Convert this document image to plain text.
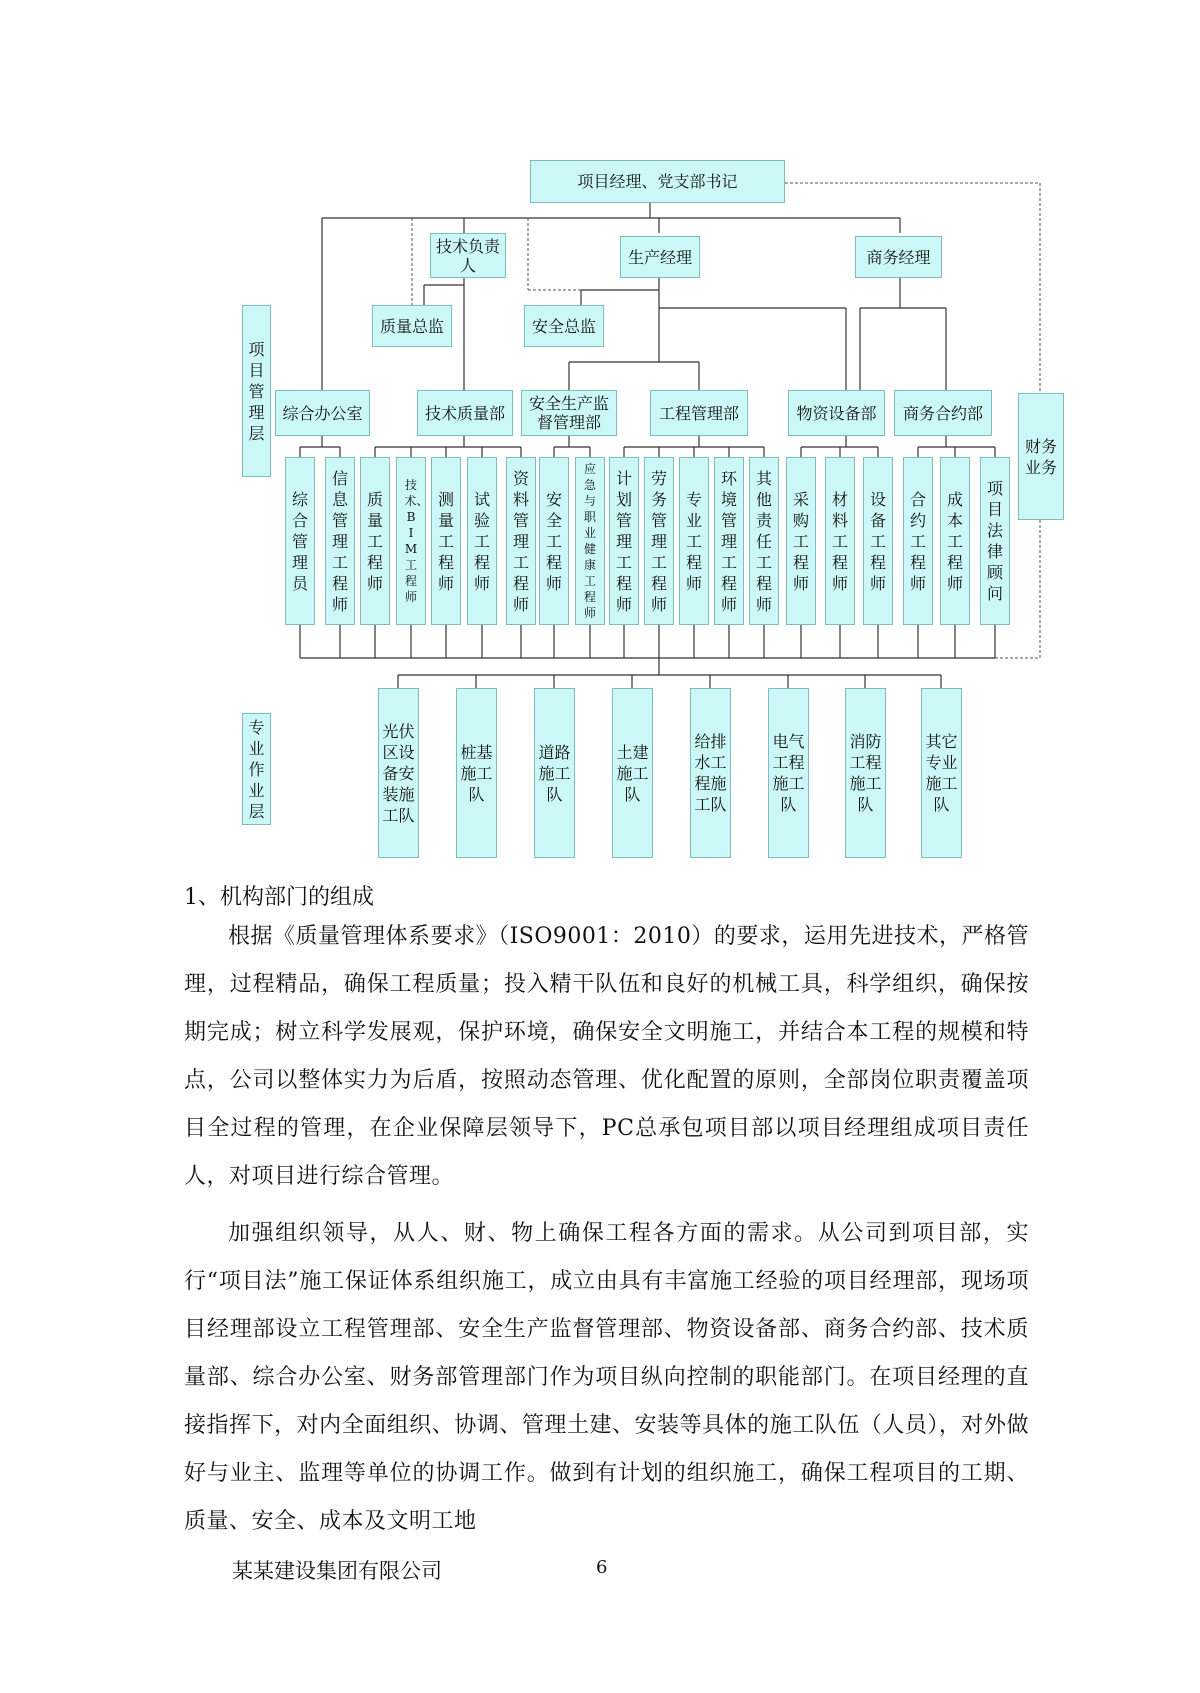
项目经理、党支部书记
技术负责人	生产经理	商务经理
质量总监	安全总监
项目管理层
财务业务
综合办公室	技术质量部 安全生产监督管理部	工程管理部	物资设备部 商务合约部
综合管理员
信息管理工程师
质量工程师
技术、BIM工程师
测量工程师
试验工程师
资料管理工程师
安全工程师
应急与职业健康工程师
计划管理工程师
劳务管理工程师
专业工程师
环境管理工程师
其他责任工程师
采购工程师
材料工程师
设备工程师
合约工程师
成本工程师
项目法律顾问
专业作业层
光伏区设备安装施工队
桩基施工队
道路施工队
土建施工队
给排水工程施工队
电气工程施工队
消防工程施工队
其它专业施工队
1、机构部门的组成

根据《质量管理体系要求》（ISO9001：2010）的要求，运用先进技术，严格管理，过程精品，确保工程质量；投入精干队伍和良好的机械工具，科学组织，确保按期完成；树立科学发展观，保护环境，确保安全文明施工，并结合本工程的规模和特点，公司以整体实力为后盾，按照动态管理、优化配置的原则，全部岗位职责覆盖项目全过程的管理，在企业保障层领导下，PC总承包项目部以项目经理组成项目责任人，对项目进行综合管理。

加强组织领导，从人、财、物上确保工程各方面的需求。从公司到项目部，实行“项目法”施工保证体系组织施工，成立由具有丰富施工经验的项目经理部，现场项目经理部设立工程管理部、安全生产监督管理部、物资设备部、商务合约部、技术质量部、综合办公室、财务部管理部门作为项目纵向控制的职能部门。在项目经理的直接指挥下，对内全面组织、协调、管理土建、安装等具体的施工队伍（人员），对外做好与业主、监理等单位的协调工作。做到有计划的组织施工，确保工程项目的工期、质量、安全、成本及文明工地

某某建设集团有限公司	6
